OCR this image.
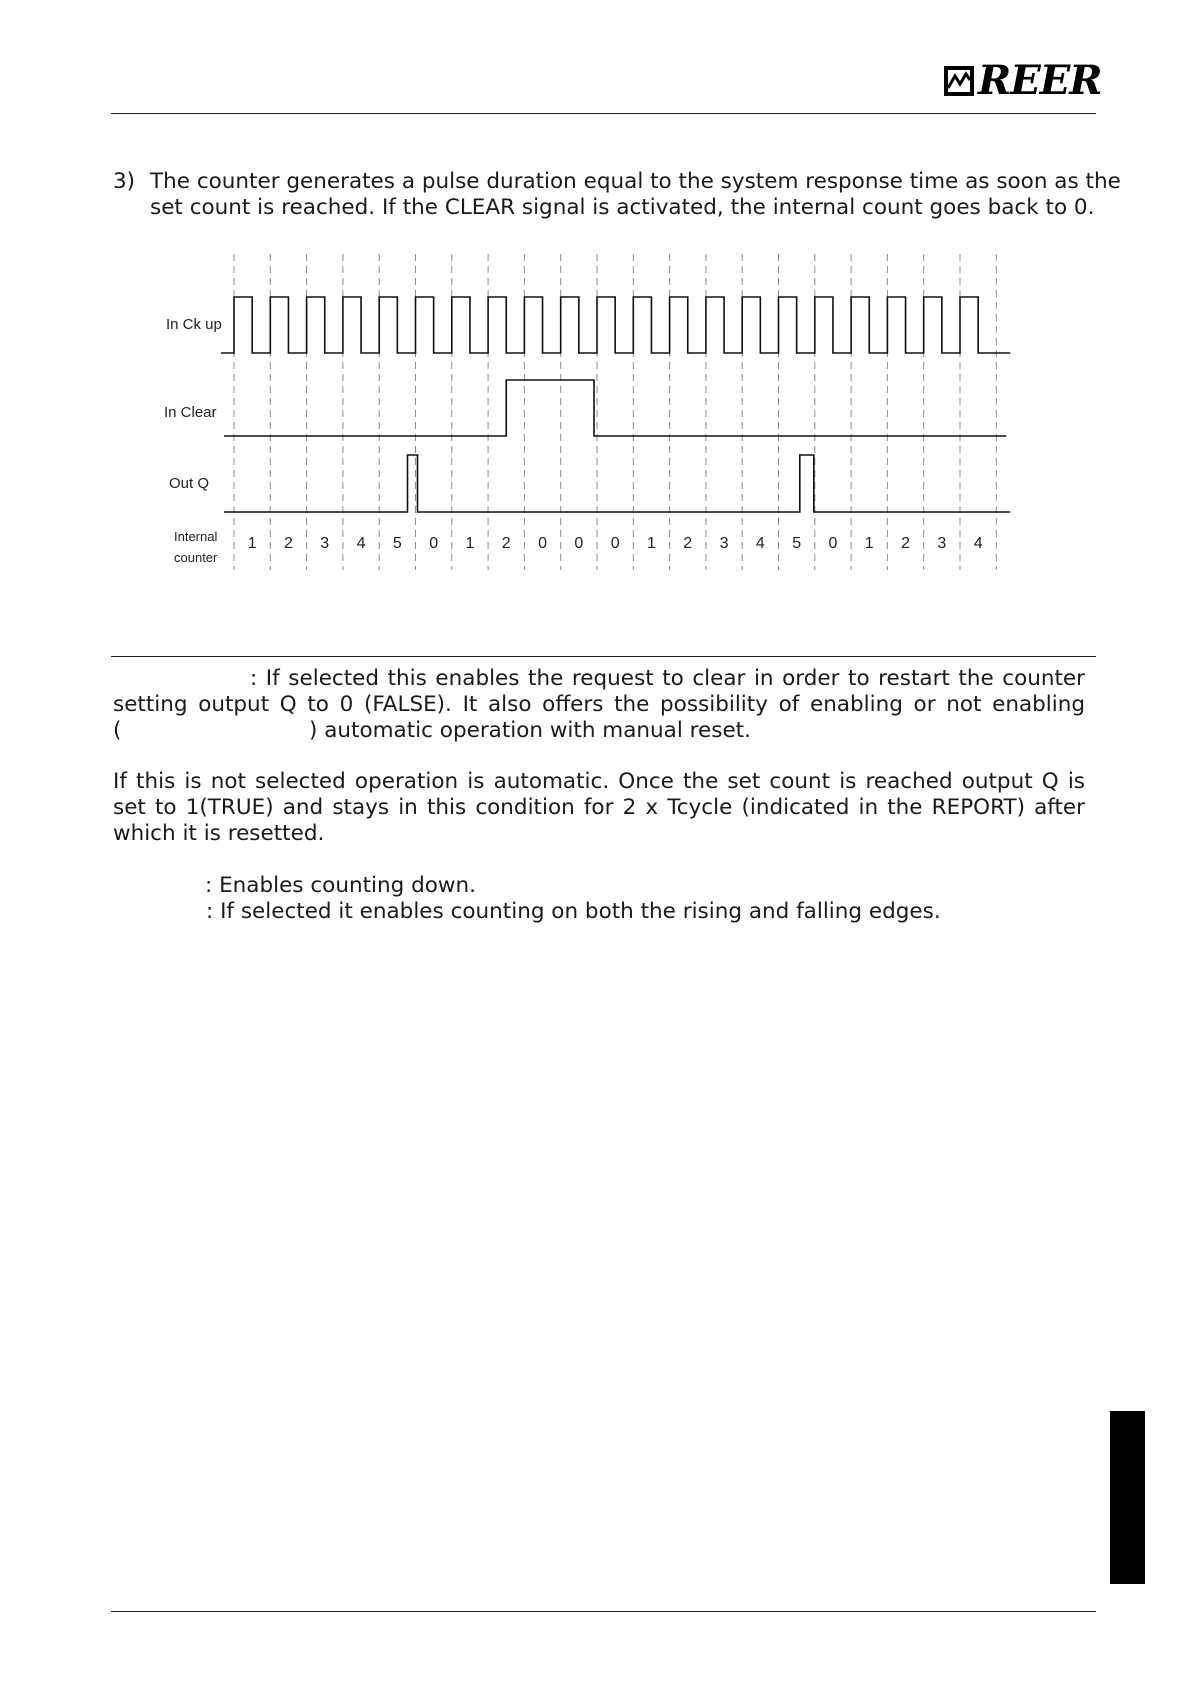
REER
3) The counter generates a pulse duration equal to the system response time as soon as the
set count is reached. If the CLEAR signal is activated, the internal count goes back to 0.
In Ck up
In Clear
Out Q
Internal
counter
1 2 3 4 5 0 1 2 0 0 0 1 2 3 4 5 0 1 2 3 4
: If selected this enables the request to clear in order to restart the counter
setting output Q to 0 (FALSE). It also offers the possibility of enabling or not enabling
(	) automatic operation with manual reset.
If this is not selected operation is automatic. Once the set count is reached output Q is
set to 1(TRUE) and stays in this condition for 2 x Tcycle (indicated in the REPORT) after
which it is resetted.
: Enables counting down.
: If selected it enables counting on both the rising and falling edges.
